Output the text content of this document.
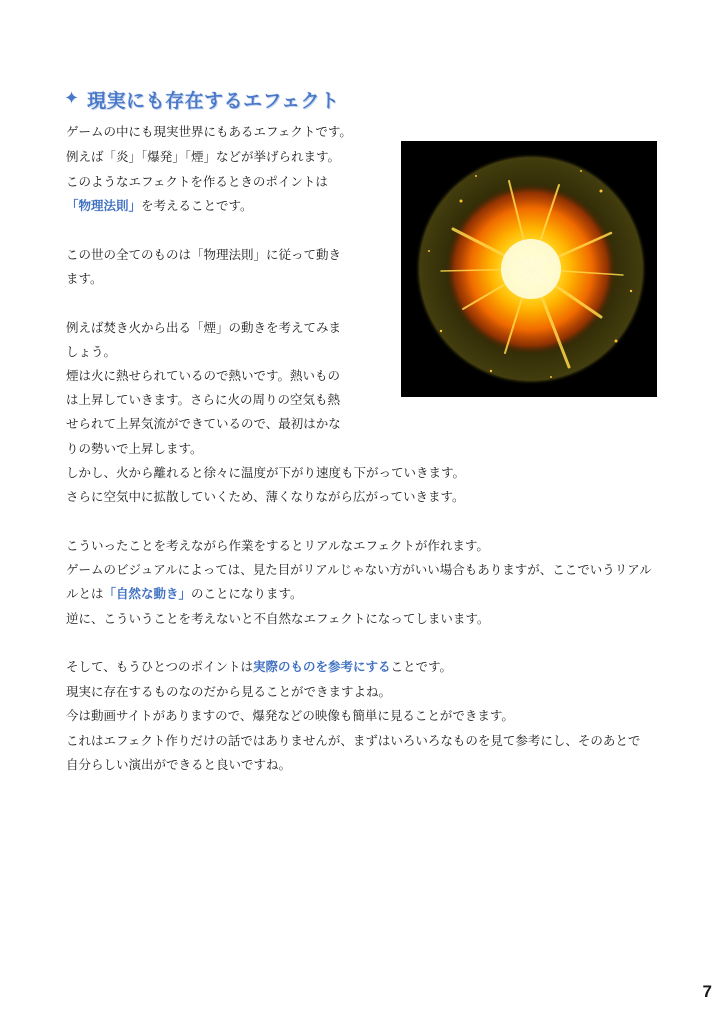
✦ 現実にも存在するエフェクト
ゲームの中にも現実世界にもあるエフェクトです。
例えば「炎」「爆発」「煙」などが挙げられます。
このようなエフェクトを作るときのポイントは
「物理法則」を考えることです。
この世の全てのものは「物理法則」に従って動き
ます。
例えば焚き火から出る「煙」の動きを考えてみま
しょう。
煙は火に熱せられているので熱いです。熱いもの
は上昇していきます。さらに火の周りの空気も熱
せられて上昇気流ができているので、最初はかな
りの勢いで上昇します。
しかし、火から離れると徐々に温度が下がり速度も下がっていきます。
さらに空気中に拡散していくため、薄くなりながら広がっていきます。
こういったことを考えながら作業をするとリアルなエフェクトが作れます。
ゲームのビジュアルによっては、見た目がリアルじゃない方がいい場合もありますが、ここでいうリアル
ルとは「自然な動き」のことになります。
逆に、こういうことを考えないと不自然なエフェクトになってしまいます。
そして、もうひとつのポイントは実際のものを参考にすることです。
現実に存在するものなのだから見ることができますよね。
今は動画サイトがありますので、爆発などの映像も簡単に見ることができます。
これはエフェクト作りだけの話ではありませんが、まずはいろいろなものを見て参考にし、そのあとで
自分らしい演出ができると良いですね。
7
